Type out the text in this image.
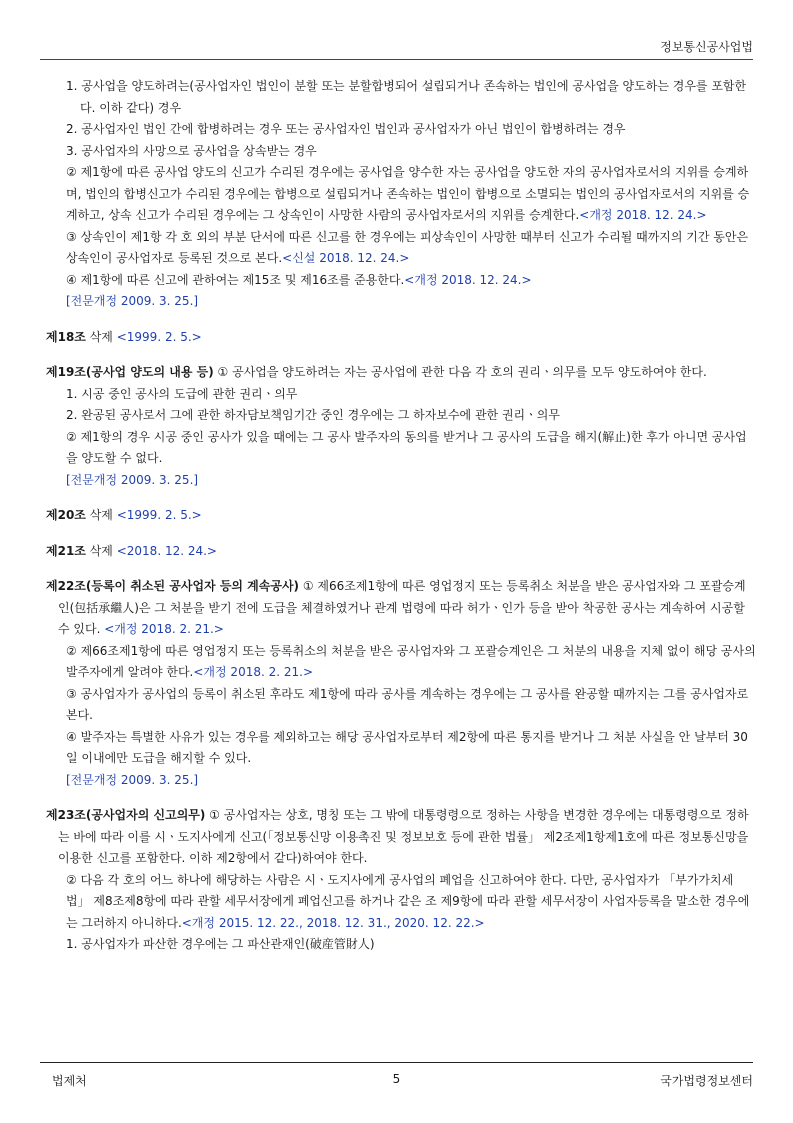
정보통신공사업법

1. 공사업을 양도하려는(공사업자인 법인이 분할 또는 분할합병되어 설립되거나 존속하는 법인에 공사업을 양도하는 경우를 포함한다. 이하 같다) 경우

2. 공사업자인 법인 간에 합병하려는 경우 또는 공사업자인 법인과 공사업자가 아닌 법인이 합병하려는 경우

3. 공사업자의 사망으로 공사업을 상속받는 경우

② 제1항에 따른 공사업 양도의 신고가 수리된 경우에는 공사업을 양수한 자는 공사업을 양도한 자의 공사업자로서의 지위를 승계하며, 법인의 합병신고가 수리된 경우에는 합병으로 설립되거나 존속하는 법인이 합병으로 소멸되는 법인의 공사업자로서의 지위를 승계하고, 상속 신고가 수리된 경우에는 그 상속인이 사망한 사람의 공사업자로서의 지위를 승계한다.<개정 2018. 12. 24.>

③ 상속인이 제1항 각 호 외의 부분 단서에 따른 신고를 한 경우에는 피상속인이 사망한 때부터 신고가 수리될 때까지의 기간 동안은 상속인이 공사업자로 등록된 것으로 본다.<신설 2018. 12. 24.>

④ 제1항에 따른 신고에 관하여는 제15조 및 제16조를 준용한다.<개정 2018. 12. 24.>

[전문개정 2009. 3. 25.]

제18조 삭제 <1999. 2. 5.>

제19조(공사업 양도의 내용 등) ① 공사업을 양도하려는 자는 공사업에 관한 다음 각 호의 권리ㆍ의무를 모두 양도하여야 한다.

1. 시공 중인 공사의 도급에 관한 권리ㆍ의무

2. 완공된 공사로서 그에 관한 하자담보책임기간 중인 경우에는 그 하자보수에 관한 권리ㆍ의무

② 제1항의 경우 시공 중인 공사가 있을 때에는 그 공사 발주자의 동의를 받거나 그 공사의 도급을 해지(解止)한 후가 아니면 공사업을 양도할 수 없다.

[전문개정 2009. 3. 25.]

제20조 삭제 <1999. 2. 5.>

제21조 삭제 <2018. 12. 24.>

제22조(등록이 취소된 공사업자 등의 계속공사) ① 제66조제1항에 따른 영업정지 또는 등록취소 처분을 받은 공사업자와 그 포괄승계인(包括承繼人)은 그 처분을 받기 전에 도급을 체결하였거나 관계 법령에 따라 허가ㆍ인가 등을 받아 착공한 공사는 계속하여 시공할 수 있다. <개정 2018. 2. 21.>

② 제66조제1항에 따른 영업정지 또는 등록취소의 처분을 받은 공사업자와 그 포괄승계인은 그 처분의 내용을 지체 없이 해당 공사의 발주자에게 알려야 한다.<개정 2018. 2. 21.>

③ 공사업자가 공사업의 등록이 취소된 후라도 제1항에 따라 공사를 계속하는 경우에는 그 공사를 완공할 때까지는 그를 공사업자로 본다.

④ 발주자는 특별한 사유가 있는 경우를 제외하고는 해당 공사업자로부터 제2항에 따른 통지를 받거나 그 처분 사실을 안 날부터 30일 이내에만 도급을 해지할 수 있다.

[전문개정 2009. 3. 25.]

제23조(공사업자의 신고의무) ① 공사업자는 상호, 명칭 또는 그 밖에 대통령령으로 정하는 사항을 변경한 경우에는 대통령령으로 정하는 바에 따라 이를 시ㆍ도지사에게 신고(「정보통신망 이용촉진 및 정보보호 등에 관한 법률」 제2조제1항제1호에 따른 정보통신망을 이용한 신고를 포함한다. 이하 제2항에서 같다)하여야 한다.

② 다음 각 호의 어느 하나에 해당하는 사람은 시ㆍ도지사에게 공사업의 폐업을 신고하여야 한다. 다만, 공사업자가 「부가가치세법」 제8조제8항에 따라 관할 세무서장에게 폐업신고를 하거나 같은 조 제9항에 따라 관할 세무서장이 사업자등록을 말소한 경우에는 그러하지 아니하다.<개정 2015. 12. 22., 2018. 12. 31., 2020. 12. 22.>

1. 공사업자가 파산한 경우에는 그 파산관재인(破産管財人)

법제처	5	국가법령정보센터
